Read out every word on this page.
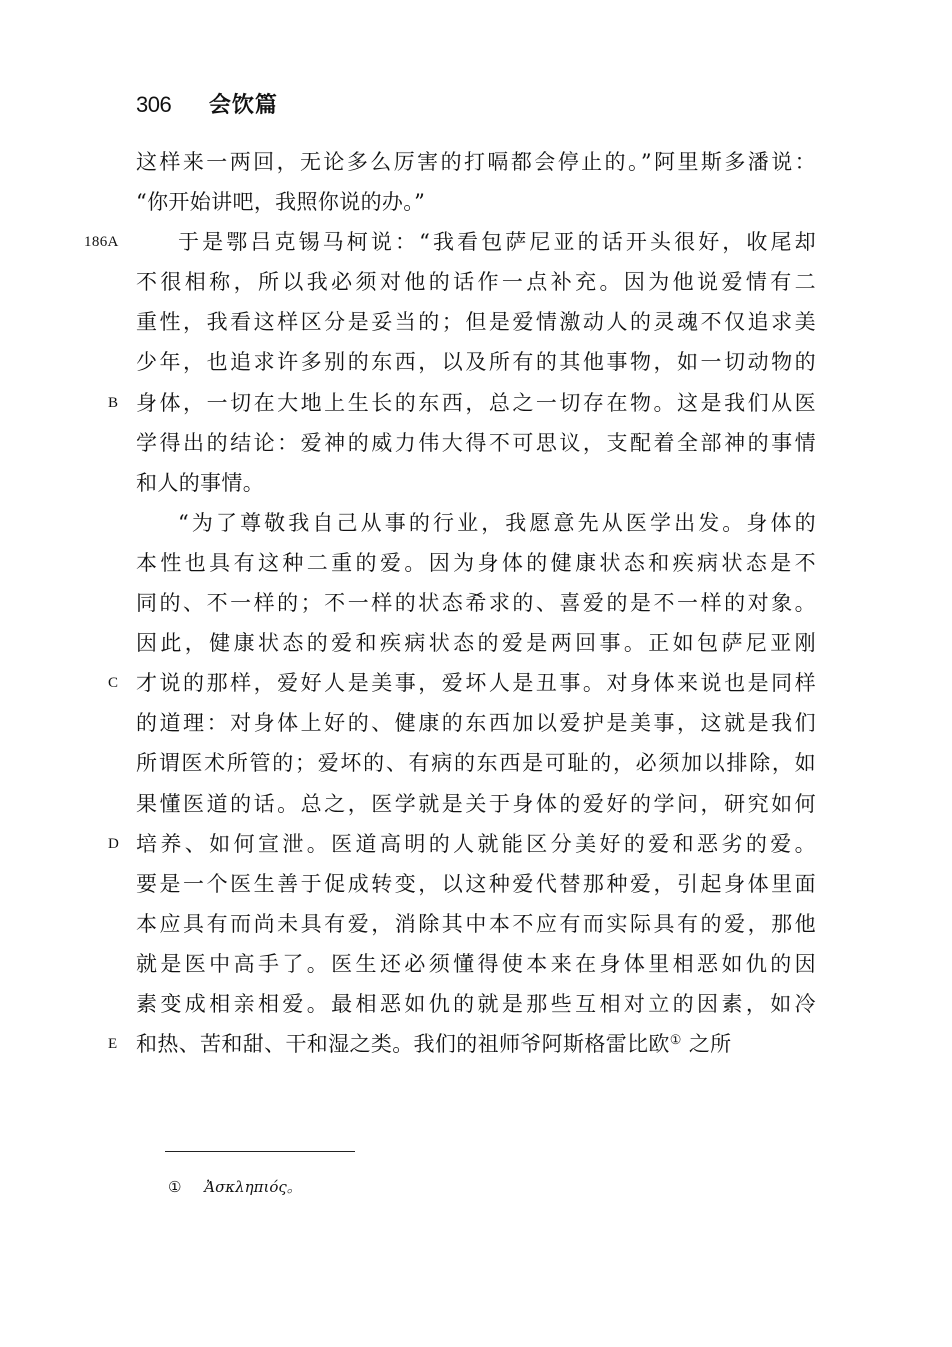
306 会饮篇
这样来一两回，无论多么厉害的打嗝都会停止的。”阿里斯多潘说：
“你开始讲吧，我照你说的办。”
于是鄂吕克锡马柯说：“我看包萨尼亚的话开头很好，收尾却
186A
不很相称，所以我必须对他的话作一点补充。因为他说爱情有二
重性，我看这样区分是妥当的；但是爱情激动人的灵魂不仅追求美
少年，也追求许多别的东西，以及所有的其他事物，如一切动物的
身体，一切在大地上生长的东西，总之一切存在物。这是我们从医
B
学得出的结论：爱神的威力伟大得不可思议，支配着全部神的事情
和人的事情。
“为了尊敬我自己从事的行业，我愿意先从医学出发。身体的
本性也具有这种二重的爱。因为身体的健康状态和疾病状态是不
同的、不一样的；不一样的状态希求的、喜爱的是不一样的对象。
因此，健康状态的爱和疾病状态的爱是两回事。正如包萨尼亚刚
才说的那样，爱好人是美事，爱坏人是丑事。对身体来说也是同样
C
的道理：对身体上好的、健康的东西加以爱护是美事，这就是我们
所谓医术所管的；爱坏的、有病的东西是可耻的，必须加以排除，如
果懂医道的话。总之，医学就是关于身体的爱好的学问，研究如何
培养、如何宣泄。医道高明的人就能区分美好的爱和恶劣的爱。
D
要是一个医生善于促成转变，以这种爱代替那种爱，引起身体里面
本应具有而尚未具有爱，消除其中本不应有而实际具有的爱，那他
就是医中高手了。医生还必须懂得使本来在身体里相恶如仇的因
素变成相亲相爱。最相恶如仇的就是那些互相对立的因素，如冷
和热、苦和甜、干和湿之类。我们的祖师爷阿斯格雷比欧① 之所
E
① Ἀσκληπιός。
